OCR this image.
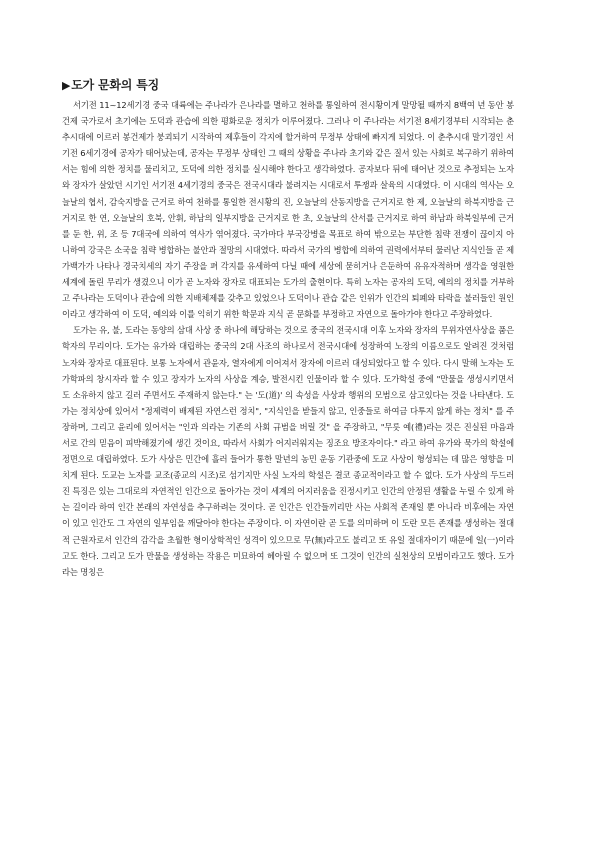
▶도가 문화의 특징

서기전 11~12세기경 중국 대륙에는 주나라가 은나라를 멸하고 천하를 통일하여 전시황이게 말망될 때까지 8백여 년 동안 봉건제 국가로서 초기에는 도덕과 관습에 의한 평화로운 정치가 이루어졌다. 그러나 이 주나라는 서기전 8세기경부터 시작되는 춘추시대에 이르러 봉건제가 붕괴되기 시작하여 제후들이 각지에 할거하여 무정부 상태에 빠지게 되었다. 이 춘추시대 말기경인 서기전 6세기경에 공자가 태어났는데, 공자는 무정부 상태인 그 때의 상황을 주나라 초기와 같은 질서 있는 사회로 복구하기 위하여서는 힘에 의한 정치를 물리치고, 도덕에 의한 정치를 실시해야 한다고 생각하였다. 공자보다 뒤에 태어난 것으로 추정되는 노자와 장자가 살았던 시기인 서기전 4세기경의 중국은 전국시대라 불려지는 시대로서 투쟁과 살육의 시대였다. 이 시대의 역사는 오늘날의 협서, 감숙지방을 근거로 하여 천하를 통일한 전시황의 진, 오늘날의 산동지방을 근거지로 한 제, 오늘날의 하북지방을 근거지로 한 연, 오늘날의 호북, 안휘, 하남의 일부지방을 근거지로 한 초, 오늘날의 산서를 근거지로 하여 하남과 하북일부에 근거를 둔 한, 위, 조 등 7대국에 의하여 역사가 엮어졌다. 국가마다 부국강병을 목표로 하여 밖으로는 부단한 침략 전쟁이 끊이지 아니하여 강국은 소국을 침략 병합하는 불안과 절망의 시대였다. 따라서 국가의 병합에 의하여 권력에서부터 물러난 지식인들 곧 제가백가가 나타나 경국치세의 자기 주장을 펴 각지를 유세하여 다닐 때에 세상에 묻히거나 은둔하여 유유자적하며 생각을 영원한 세계에 돌린 무리가 생겼으니 이가 곧 노자와 장자로 대표되는 도가의 출현이다. 특히 노자는 공자의 도덕, 예의의 정치를 거부하고 주나라는 도덕이나 관습에 의한 지배체제를 갖추고 있었으나 도덕이나 관습 같은 인위가 인간의 퇴폐와 타락을 불러들인 원인이라고 생각하여 이 도덕, 예의와 이를 익히기 위한 학문과 지식 곧 문화를 부정하고 자연으로 돌아가야 한다고 주장하였다.

도가는 유, 불, 도라는 동양의 삼대 사상 중 하나에 해당하는 것으로 중국의 전국시대 이후 노자와 장자의 무위자연사상을 품은 학자의 무리이다. 도가는 유가와 대립하는 중국의 2대 사조의 하나로서 전국시대에 성장하여 노장의 이름으로도 알려진 것처럼 노자와 장자로 대표된다. 보통 노자에서 관윤자, 열자에게 이어져서 장자에 이르러 대성되었다고 할 수 있다. 다시 말해 노자는 도가학파의 창시자라 할 수 있고 장자가 노자의 사상을 계승, 발전시킨 인물이라 할 수 있다. 도가학설 중에 "만물을 생성시키면서도 소유하지 않고 길러 주면서도 주재하지 않는다." 는 '도(道)' 의 속성을 사상과 행위의 모범으로 삼고있다는 것을 나타낸다. 도가는 정치상에 있어서 "정제력이 배제된 자연스런 정치", "지식인을 받들지 않고, 인중들로 하여금 다투지 않게 하는 정치" 를 주장하며, 그리고 윤리에 있어서는 "인과 의라는 기존의 사회 규범을 버릴 것" 을 주장하고, "무릇 예(禮)라는 것은 진실된 마음과 서로 간의 믿음이 피박해졌기에 생긴 것이요, 따라서 사회가 어지러워지는 징조요 방조자이다." 라고 하여 유가와 묵가의 학설에 정면으로 대립하였다. 도가 사상은 민간에 흘러 들어가 통한 말년의 농민 운동 기관중에 도교 사상이 형성되는 데 많은 영향을 미치게 된다. 도교는 노자를 교조(종교의 시조)로 섬기지만 사실 노자의 학설은 결코 종교적이라고 할 수 없다. 도가 사상의 두드러진 특징은 있는 그대로의 자연적인 인간으로 돌아가는 것이 세계의 어지러움을 진정시키고 인간의 안정된 생활을 누릴 수 있게 하는 길이라 하여 인간 본래의 자연성을 추구하려는 것이다. 곧 인간은 인간들끼리만 사는 사회적 존재일 뿐 아니라 비후에는 자연이 있고 인간도 그 자연의 일부임을 깨달아야 한다는 주장이다. 이 자연이란 곧 도를 의미하며 이 도란 모든 존재를 생성하는 절대적 근원자로서 인간의 감각을 초월한 형이상학적인 성격이 있으므로 무(無)라고도 불리고 또 유일 절대자이기 때문에 일(一)이라고도 한다. 그리고 도가 만물을 생성하는 작용은 미묘하여 헤아릴 수 없으며 또 그것이 인간의 실천상의 모범이라고도 했다. 도가라는 명칭은
